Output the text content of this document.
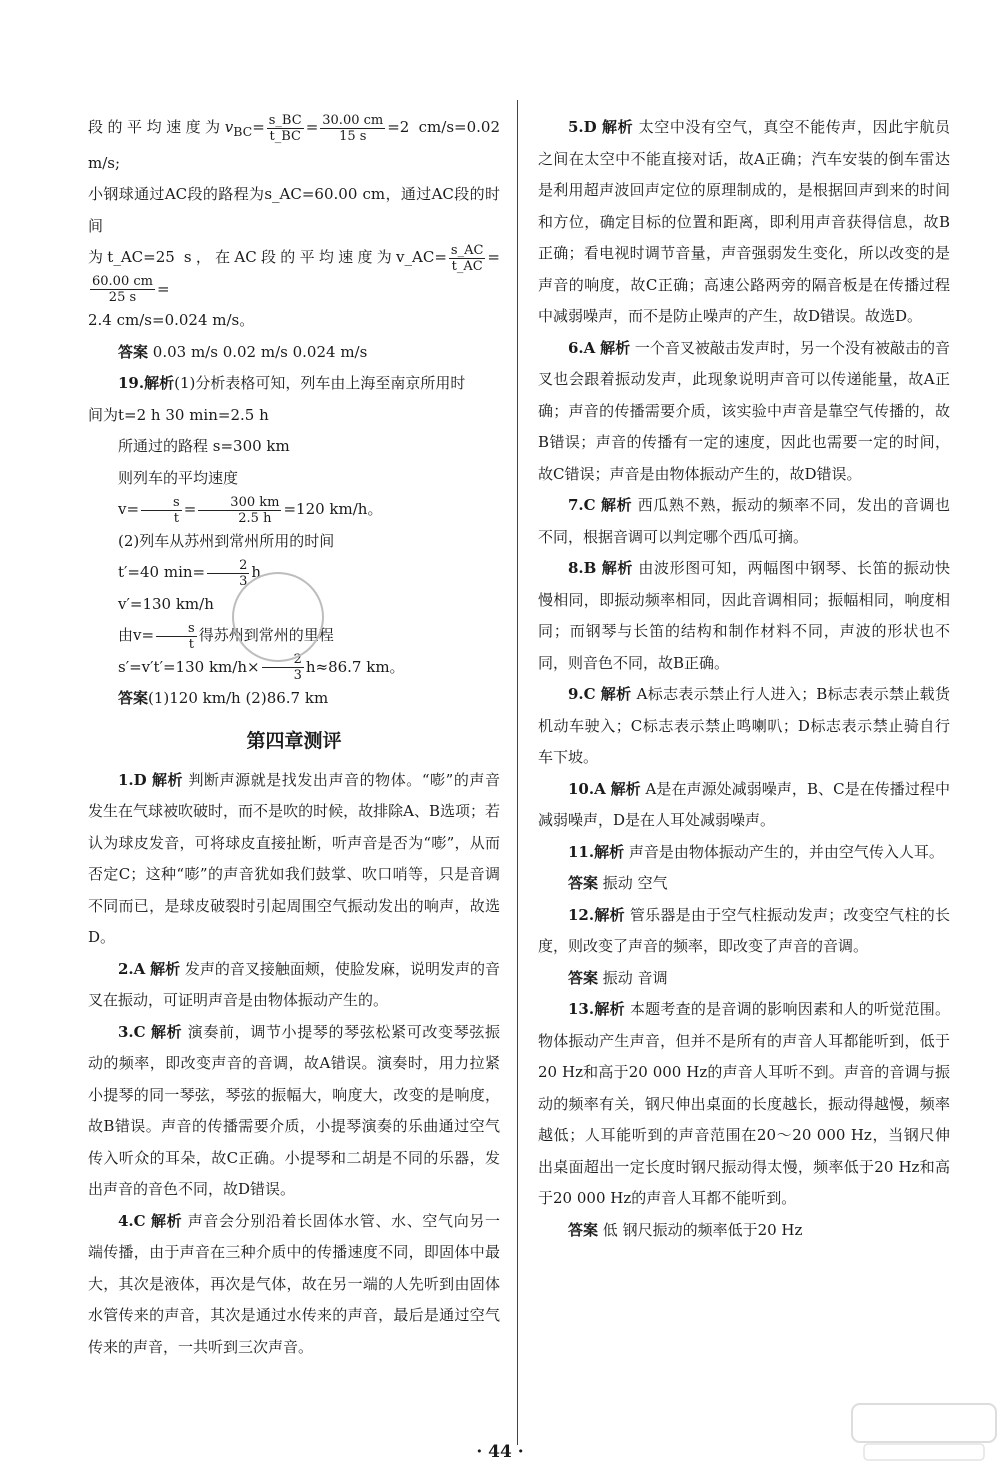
段的平均速度为$v_{BC}= \frac{s\_BC}{t\_BC} = \frac{30.00 cm}{15 s} =2$ cm/s=0.02 m/s;

小钢球通过AC段的路程为s_AC=60.00 cm，通过AC段的时间

为t_AC=25 s，在AC段的平均速度为v_AC= $\frac{s\_AC}{t\_AC}$ =
$\frac{60.00 cm}{25 s}$ =

2.4 cm/s=0.024 m/s。

答案 0.03 m/s 0.02 m/s 0.024 m/s

19.解析(1)分析表格可知，列车由上海至南京所用时

间为t=2 h 30 min=2.5 h

所通过的路程 s=300 km

则列车的平均速度

$v= \frac{s}{t} = \frac{300 km}{2.5 h} =120$ km/h。

(2)列车从苏州到常州所用的时间

t′=40 $\min= \frac{2}{3}$ h

v′=130 km/h

由$v= \frac{s}{t}$ 得苏州到常州的里程

s′=v′t′=130 $km/h\times \frac{2}{3} h\approx 86.7$ km。

答案(1)120 km/h (2)86.7 km

第四章测评

1.D 解析 判断声源就是找发出声音的物体。“嘭”的声音发生在气球被吹破时，而不是吹的时候，故排除A、B选项；若认为球皮发音，可将球皮直接扯断，听声音是否为“嘭”，从而否定C；这种“嘭”的声音犹如我们鼓掌、吹口哨等，只是音调不同而已，是球皮破裂时引起周围空气振动发出的响声，故选D。

2.A 解析 发声的音叉接触面颊，使脸发麻，说明发声的音叉在振动，可证明声音是由物体振动产生的。

3.C 解析 演奏前，调节小提琴的琴弦松紧可改变琴弦振动的频率，即改变声音的音调，故A错误。演奏时，用力拉紧小提琴的同一琴弦，琴弦的振幅大，响度大，改变的是响度，故B错误。声音的传播需要介质，小提琴演奏的乐曲通过空气传入听众的耳朵，故C正确。小提琴和二胡是不同的乐器，发出声音的音色不同，故D错误。

4.C 解析 声音会分别沿着长固体水管、水、空气向另一端传播，由于声音在三种介质中的传播速度不同，即固体中最大，其次是液体，再次是气体，故在另一端的人先听到由固体水管传来的声音，其次是通过水传来的声音，最后是通过空气传来的声音，一共听到三次声音。

5.D 解析 太空中没有空气，真空不能传声，因此宇航员之间在太空中不能直接对话，故A正确；汽车安装的倒车雷达是利用超声波回声定位的原理制成的，是根据回声到来的时间和方位，确定目标的位置和距离，即利用声音获得信息，故B正确；看电视时调节音量，声音强弱发生变化，所以改变的是声音的响度，故C正确；高速公路两旁的隔音板是在传播过程中减弱噪声，而不是防止噪声的产生，故D错误。故选D。

6.A 解析 一个音叉被敲击发声时，另一个没有被敲击的音叉也会跟着振动发声，此现象说明声音可以传递能量，故A正确；声音的传播需要介质，该实验中声音是靠空气传播的，故B错误；声音的传播有一定的速度，因此也需要一定的时间，故C错误；声音是由物体振动产生的，故D错误。

7.C 解析 西瓜熟不熟，振动的频率不同，发出的音调也不同，根据音调可以判定哪个西瓜可摘。

8.B 解析 由波形图可知，两幅图中钢琴、长笛的振动快慢相同，即振动频率相同，因此音调相同；振幅相同，响度相同；而钢琴与长笛的结构和制作材料不同，声波的形状也不同，则音色不同，故B正确。

9.C 解析 A标志表示禁止行人进入；B标志表示禁止载货机动车驶入；C标志表示禁止鸣喇叭；D标志表示禁止骑自行车下坡。

10.A 解析 A是在声源处减弱噪声，B、C是在传播过程中减弱噪声，D是在人耳处减弱噪声。

11.解析 声音是由物体振动产生的，并由空气传入人耳。

答案 振动 空气

12.解析 管乐器是由于空气柱振动发声；改变空气柱的长度，则改变了声音的频率，即改变了声音的音调。

答案 振动 音调

13.解析 本题考查的是音调的影响因素和人的听觉范围。物体振动产生声音，但并不是所有的声音人耳都能听到，低于20 Hz和高于20 000 Hz的声音人耳听不到。声音的音调与振动的频率有关，钢尺伸出桌面的长度越长，振动得越慢，频率越低；人耳能听到的声音范围在20～20 000 Hz，当钢尺伸出桌面超出一定长度时钢尺振动得太慢，频率低于20 Hz和高于20 000 Hz的声音人耳都不能听到。

答案 低 钢尺振动的频率低于20 Hz

· 44 ·
